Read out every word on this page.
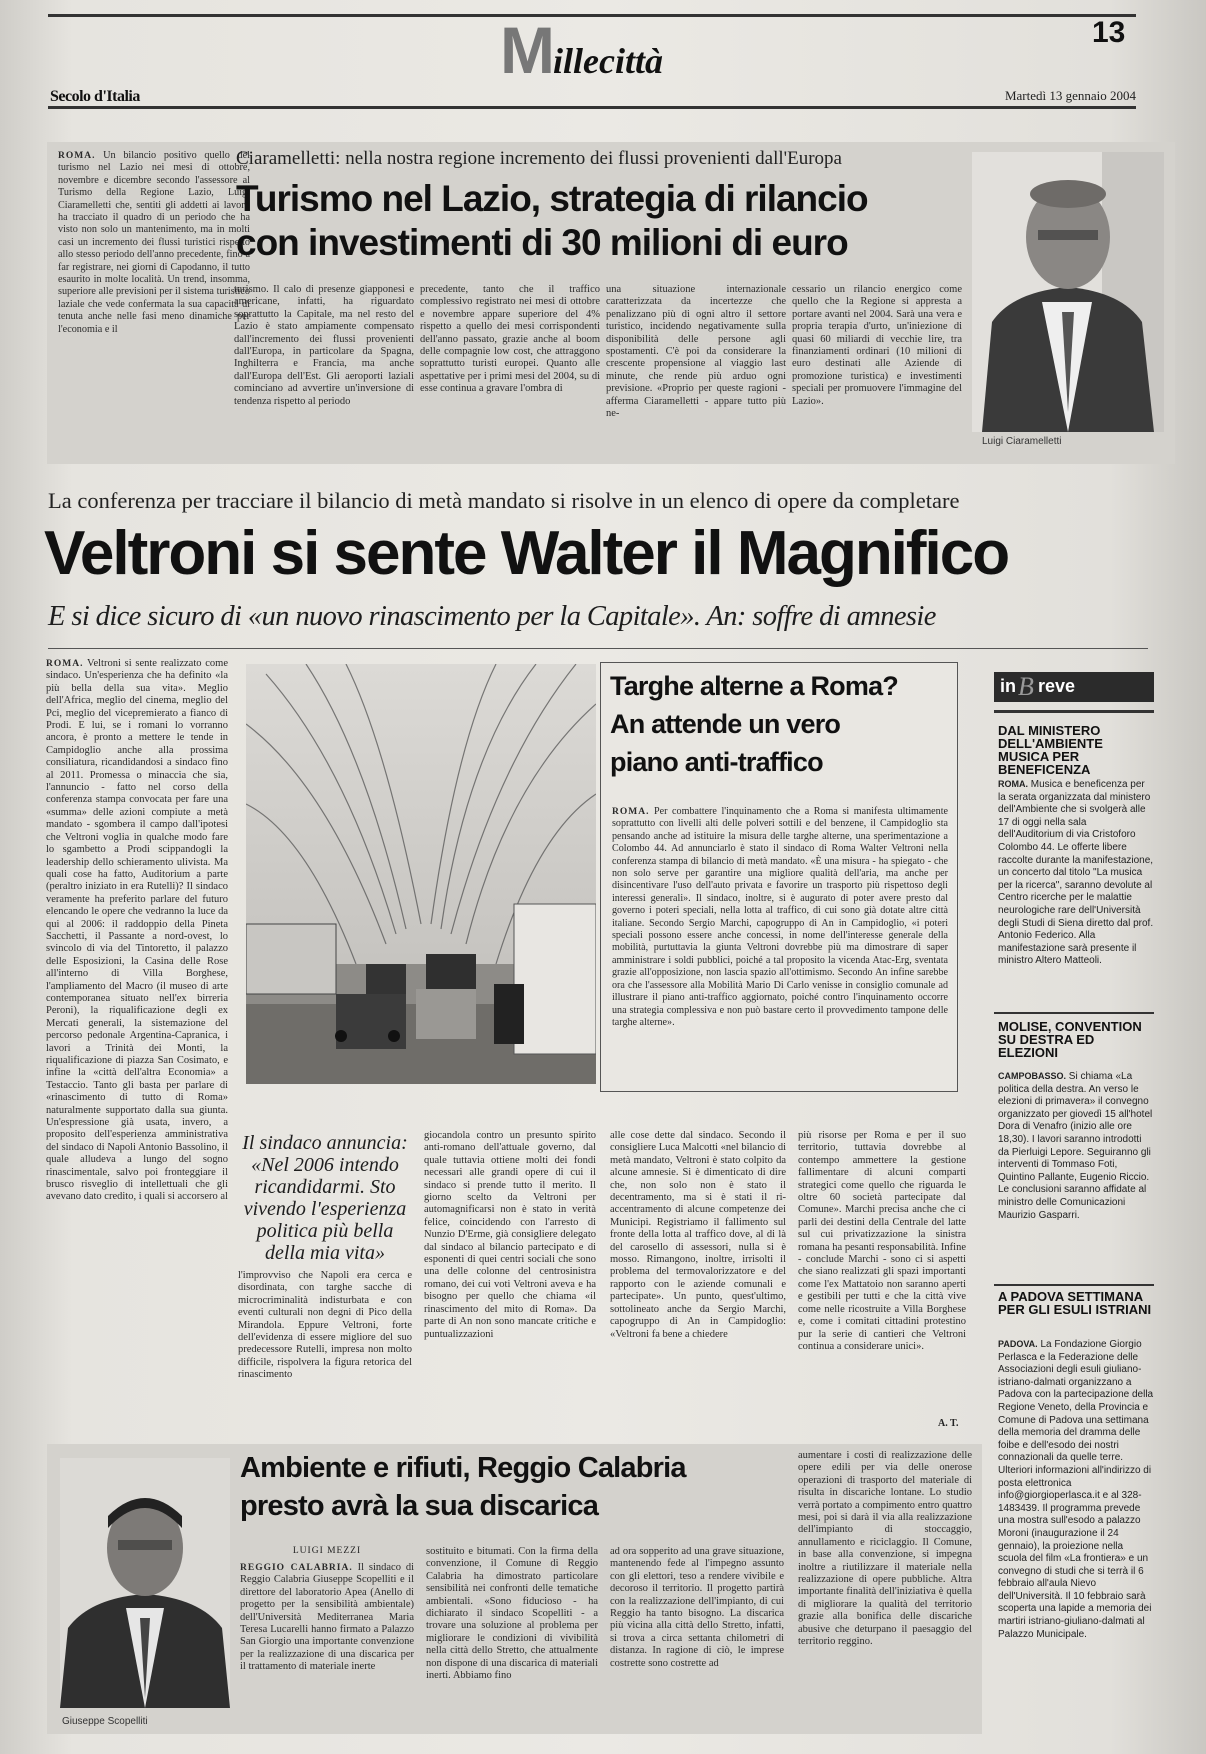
Millecittà
13
Secolo d'Italia	Martedì 13 gennaio 2004
ROMA. Un bilancio positivo quello del turismo nel Lazio nei mesi di ottobre, novembre e dicembre secondo l'assessore al Turismo della Regione Lazio, Luigi Ciaramelletti che, sentiti gli addetti ai lavori, ha tracciato il quadro di un periodo che ha visto non solo un mantenimento, ma in molti casi un incremento dei flussi turistici rispetto allo stesso periodo dell'anno precedente, fino a far registrare, nei giorni di Capodanno, il tutto esaurito in molte località. Un trend, insomma, superiore alle previsioni per il sistema turistico laziale che vede confermata la sua capacità di tenuta anche nelle fasi meno dinamiche per l'economia e il
Ciaramelletti: nella nostra regione incremento dei flussi provenienti dall'Europa
Turismo nel Lazio, strategia di rilancio
con investimenti di 30 milioni di euro
turismo. Il calo di presenze giapponesi e americane, infatti, ha riguardato soprattutto la Capitale, ma nel resto del Lazio è stato ampiamente compensato dall'incremento dei flussi provenienti dall'Europa, in particolare da Spagna, Inghilterra e Francia, ma anche dall'Europa dell'Est. Gli aeroporti laziali cominciano ad avvertire un'inversione di tendenza rispetto al periodo
precedente, tanto che il traffico complessivo registrato nei mesi di ottobre e novembre appare superiore del 4% rispetto a quello dei mesi corrispondenti dell'anno passato, grazie anche al boom delle compagnie low cost, che attraggono soprattutto turisti europei. Quanto alle aspettative per i primi mesi del 2004, su di esse continua a gravare l'ombra di
una situazione internazionale caratterizzata da incertezze che penalizzano più di ogni altro il settore turistico, incidendo negativamente sulla disponibilità delle persone agli spostamenti. C'è poi da considerare la crescente propensione al viaggio last minute, che rende più arduo ogni previsione. «Proprio per queste ragioni - afferma Ciaramelletti - appare tutto più ne-
cessario un rilancio energico come quello che la Regione si appresta a portare avanti nel 2004. Sarà una vera e propria terapia d'urto, un'iniezione di quasi 60 miliardi di vecchie lire, tra finanziamenti ordinari (10 milioni di euro destinati alle Aziende di promozione turistica) e investimenti speciali per promuovere l'immagine del Lazio».
Luigi Ciaramelletti
La conferenza per tracciare il bilancio di metà mandato si risolve in un elenco di opere da completare
Veltroni si sente Walter il Magnifico
E si dice sicuro di «un nuovo rinascimento per la Capitale». An: soffre di amnesie
ROMA. Veltroni si sente realizzato come sindaco. Un'esperienza che ha definito «la più bella della sua vita». Meglio dell'Africa, meglio del cinema, meglio del Pci, meglio del vicepremierato a fianco di Prodi. E lui, se i romani lo vorranno ancora, è pronto a mettere le tende in Campidoglio anche alla prossima consiliatura, ricandidandosi a sindaco fino al 2011. Promessa o minaccia che sia, l'annuncio - fatto nel corso della conferenza stampa convocata per fare una «summa» delle azioni compiute a metà mandato - sgombera il campo dall'ipotesi che Veltroni voglia in qualche modo fare lo sgambetto a Prodi scippandogli la leadership dello schieramento ulivista. Ma quali cose ha fatto, Auditorium a parte (peraltro iniziato in era Rutelli)? Il sindaco veramente ha preferito parlare del futuro elencando le opere che vedranno la luce da qui al 2006: il raddoppio della Pineta Sacchetti, il Passante a nord-ovest, lo svincolo di via del Tintoretto, il palazzo delle Esposizioni, la Casina delle Rose all'interno di Villa Borghese, l'ampliamento del Macro (il museo di arte contemporanea situato nell'ex birreria Peroni), la riqualificazione degli ex Mercati generali, la sistemazione del percorso pedonale Argentina-Capranica, i lavori a Trinità dei Monti, la riqualificazione di piazza San Cosimato, e infine la «città dell'altra Economia» a Testaccio. Tanto gli basta per parlare di «rinascimento di tutto di Roma» naturalmente supportato dalla sua giunta. Un'espressione già usata, invero, a proposito dell'esperienza amministrativa del sindaco di Napoli Antonio Bassolino, il quale alludeva a lungo del sogno rinascimentale, salvo poi fronteggiare il brusco risveglio di intellettuali che gli avevano dato credito, i quali si accorsero al
Targhe alterne a Roma?
An attende un vero
piano anti-traffico
ROMA. Per combattere l'inquinamento che a Roma si manifesta ultimamente soprattutto con livelli alti delle polveri sottili e del benzene, il Campidoglio sta pensando anche ad istituire la misura delle targhe alterne, una sperimentazione a Colombo 44. Ad annunciarlo è stato il sindaco di Roma Walter Veltroni nella conferenza stampa di bilancio di metà mandato. «È una misura - ha spiegato - che non solo serve per garantire una migliore qualità dell'aria, ma anche per disincentivare l'uso dell'auto privata e favorire un trasporto più rispettoso degli interessi generali». Il sindaco, inoltre, si è augurato di poter avere presto dal governo i poteri speciali, nella lotta al traffico, di cui sono già dotate altre città italiane. Secondo Sergio Marchi, capogruppo di An in Campidoglio, «i poteri speciali possono essere anche concessi, in nome dell'interesse generale della mobilità, purtuttavia la giunta Veltroni dovrebbe più ma dimostrare di saper amministrare i soldi pubblici, poiché a tal proposito la vicenda Atac-Erg, sventata grazie all'opposizione, non lascia spazio all'ottimismo. Secondo An infine sarebbe ora che l'assessore alla Mobilità Mario Di Carlo venisse in consiglio comunale ad illustrare il piano anti-traffico aggiornato, poiché contro l'inquinamento occorre una strategia complessiva e non può bastare certo il provvedimento tampone delle targhe alterne».
Il sindaco annuncia: «Nel 2006 intendo ricandidarmi. Sto vivendo l'esperienza politica più bella della mia vita»
l'improvviso che Napoli era cerca e disordinata, con targhe sacche di microcriminalità indisturbata e con eventi culturali non degni di Pico della Mirandola. Eppure Veltroni, forte dell'evidenza di essere migliore del suo predecessore Rutelli, impresa non molto difficile, rispolvera la figura retorica del rinascimento
giocandola contro un presunto spirito anti-romano dell'attuale governo, dal quale tuttavia ottiene molti dei fondi necessari alle grandi opere di cui il sindaco si prende tutto il merito. Il giorno scelto da Veltroni per automagnificarsi non è stato in verità felice, coincidendo con l'arresto di Nunzio D'Erme, già consigliere delegato dal sindaco al bilancio partecipato e di esponenti di quei centri sociali che sono una delle colonne del centrosinistra romano, dei cui voti Veltroni aveva e ha bisogno per quello che chiama «il rinascimento del mito di Roma». Da parte di An non sono mancate critiche e puntualizzazioni
alle cose dette dal sindaco. Secondo il consigliere Luca Malcotti «nel bilancio di metà mandato, Veltroni è stato colpito da alcune amnesie. Si è dimenticato di dire che, non solo non è stato il decentramento, ma si è stati il ri-accentramento di alcune competenze dei Municipi. Registriamo il fallimento sul fronte della lotta al traffico dove, al di là del carosello di assessori, nulla si è mosso. Rimangono, inoltre, irrisolti il problema del termovalorizzatore e del rapporto con le aziende comunali e partecipate». Un punto, quest'ultimo, sottolineato anche da Sergio Marchi, capogruppo di An in Campidoglio: «Veltroni fa bene a chiedere
più risorse per Roma e per il suo territorio, tuttavia dovrebbe al contempo ammettere la gestione fallimentare di alcuni comparti strategici come quello che riguarda le oltre 60 società partecipate dal Comune». Marchi precisa anche che ci parli dei destini della Centrale del latte sul cui privatizzazione la sinistra romana ha pesanti responsabilità. Infine - conclude Marchi - sono ci si aspetti che siano realizzati gli spazi importanti come l'ex Mattatoio non saranno aperti e gestibili per tutti e che la città vive come nelle ricostruite a Villa Borghese e, come i comitati cittadini protestino pur la serie di cantieri che Veltroni continua a considerare unici».
A. T.
in B reve
DAL MINISTERO DELL'AMBIENTE MUSICA PER BENEFICENZA
ROMA. Musica e beneficenza per la serata organizzata dal ministero dell'Ambiente che si svolgerà alle 17 di oggi nella sala dell'Auditorium di via Cristoforo Colombo 44. Le offerte libere raccolte durante la manifestazione, un concerto dal titolo "La musica per la ricerca", saranno devolute al Centro ricerche per le malattie neurologiche rare dell'Università degli Studi di Siena diretto dal prof. Antonio Federico. Alla manifestazione sarà presente il ministro Altero Matteoli.
MOLISE, CONVENTION SU DESTRA ED ELEZIONI
CAMPOBASSO. Si chiama «La politica della destra. An verso le elezioni di primavera» il convegno organizzato per giovedì 15 all'hotel Dora di Venafro (inizio alle ore 18,30). I lavori saranno introdotti da Pierluigi Lepore. Seguiranno gli interventi di Tommaso Foti, Quintino Pallante, Eugenio Riccio. Le conclusioni saranno affidate al ministro delle Comunicazioni Maurizio Gasparri.
A PADOVA SETTIMANA PER GLI ESULI ISTRIANI
PADOVA. La Fondazione Giorgio Perlasca e la Federazione delle Associazioni degli esuli giuliano-istriano-dalmati organizzano a Padova con la partecipazione della Regione Veneto, della Provincia e Comune di Padova una settimana della memoria del dramma delle foibe e dell'esodo dei nostri connazionali da quelle terre. Ulteriori informazioni all'indirizzo di posta elettronica info@giorgioperlasca.it e al 328-1483439. Il programma prevede una mostra sull'esodo a palazzo Moroni (inaugurazione il 24 gennaio), la proiezione nella scuola del film «La frontiera» e un convegno di studi che si terrà il 6 febbraio all'aula Nievo dell'Università. Il 10 febbraio sarà scoperta una lapide a memoria dei martiri istriano-giuliano-dalmati al Palazzo Municipale.
Giuseppe Scopelliti
Ambiente e rifiuti, Reggio Calabria
presto avrà la sua discarica
LUIGI MEZZI
REGGIO CALABRIA. Il sindaco di Reggio Calabria Giuseppe Scopelliti e il direttore del laboratorio Apea (Anello di progetto per la sensibilità ambientale) dell'Università Mediterranea Maria Teresa Lucarelli hanno firmato a Palazzo San Giorgio una importante convenzione per la realizzazione di una discarica per il trattamento di materiale inerte
sostituito e bitumati. Con la firma della convenzione, il Comune di Reggio Calabria ha dimostrato particolare sensibilità nei confronti delle tematiche ambientali. «Sono fiducioso - ha dichiarato il sindaco Scopelliti - a trovare una soluzione al problema per migliorare le condizioni di vivibilità nella città dello Stretto, che attualmente non dispone di una discarica di materiali inerti. Abbiamo fino
ad ora sopperito ad una grave situazione, mantenendo fede al l'impegno assunto con gli elettori, teso a rendere vivibile e decoroso il territorio. Il progetto partirà con la realizzazione dell'impianto, di cui Reggio ha tanto bisogno. La discarica più vicina alla città dello Stretto, infatti, si trova a circa settanta chilometri di distanza. In ragione di ciò, le imprese costrette sono costrette ad
aumentare i costi di realizzazione delle opere edili per via delle onerose operazioni di trasporto del materiale di risulta in discariche lontane. Lo studio verrà portato a compimento entro quattro mesi, poi si darà il via alla realizzazione dell'impianto di stoccaggio, annullamento e riciclaggio. Il Comune, in base alla convenzione, si impegna inoltre a riutilizzare il materiale nella realizzazione di opere pubbliche. Altra importante finalità dell'iniziativa è quella di migliorare la qualità del territorio grazie alla bonifica delle discariche abusive che deturpano il paesaggio del territorio reggino.
